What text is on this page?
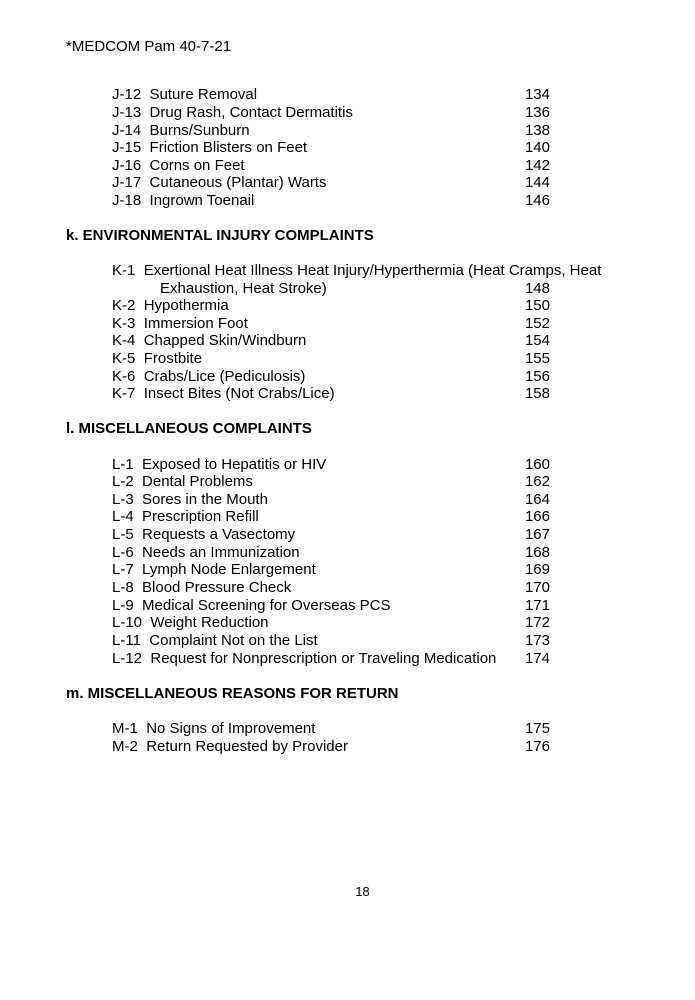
*MEDCOM Pam 40-7-21
J-12 Suture Removal	134
J-13 Drug Rash, Contact Dermatitis	136
J-14 Burns/Sunburn	138
J-15 Friction Blisters on Feet	140
J-16 Corns on Feet	142
J-17 Cutaneous (Plantar) Warts	144
J-18 Ingrown Toenail	146
k. ENVIRONMENTAL INJURY COMPLAINTS
K-1 Exertional Heat Illness Heat Injury/Hyperthermia (Heat Cramps, Heat
Exhaustion, Heat Stroke)	148
K-2 Hypothermia	150
K-3 Immersion Foot	152
K-4 Chapped Skin/Windburn	154
K-5 Frostbite	155
K-6 Crabs/Lice (Pediculosis)	156
K-7 Insect Bites (Not Crabs/Lice)	158
l. MISCELLANEOUS COMPLAINTS
L-1 Exposed to Hepatitis or HIV	160
L-2 Dental Problems	162
L-3 Sores in the Mouth	164
L-4 Prescription Refill	166
L-5 Requests a Vasectomy	167
L-6 Needs an Immunization	168
L-7 Lymph Node Enlargement	169
L-8 Blood Pressure Check	170
L-9 Medical Screening for Overseas PCS	171
L-10 Weight Reduction	172
L-11 Complaint Not on the List	173
L-12 Request for Nonprescription or Traveling Medication 174
m. MISCELLANEOUS REASONS FOR RETURN
M-1 No Signs of Improvement	175
M-2 Return Requested by Provider	176
18
